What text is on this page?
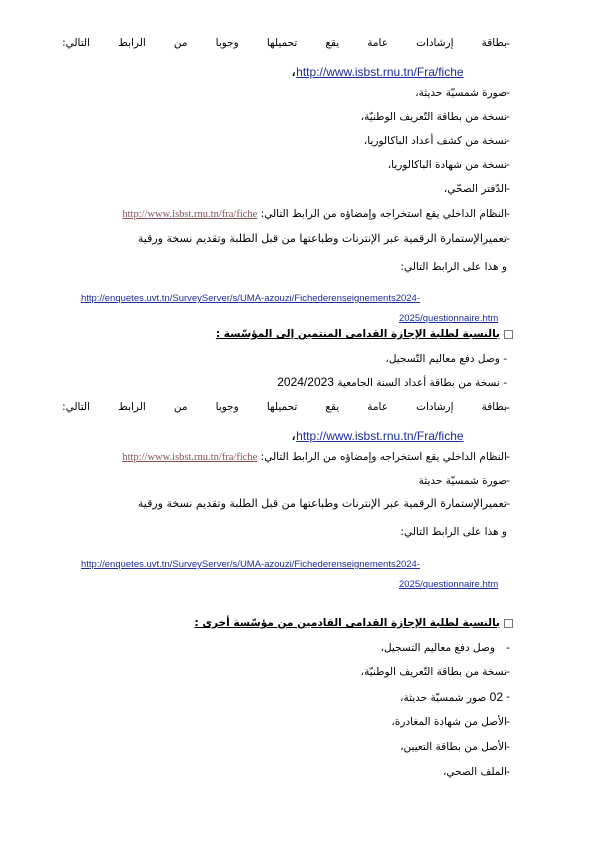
-
بطاقة
إرشادات
عامة
يقع
تحميلها
وجوبا
من
الرابط
التالي:
،http://www.isbst.rnu.tn/Fra/fiche
-
صورة شمسيّة حديثة،
-
نسخة من بطاقة التّعريف الوطنيّة،
-
نسخة من كشف أعداد الباكالوريا،
-
نسخة من شهادة الباكالوريا،
-
الدّفتر الصحّي،
-
النظام الداخلي يقع استخراجه وإمضاؤه من الرابط التالي: http://www.isbst.rnu.tn/fra/fiche
-
تعميرالإستمارة الرقمية عبر الإنترنات وطباعتها من قبل الطلبة وتقديم نسخة ورقية
و هذا على الرابط التالي:
http://enquetes.uvt.tn/SurveyServer/s/UMA-azouzi/Fichederenseignements2024-
2025/questionnaire.htm
بالنسبة لطلبة الإجازة القدامى المنتمين إلى المؤسّسة :
- وصل دفع معاليم التّسجيل،
- نسخة من بطاقة أعداد السنة الجامعية 2024/2023
-
بطاقة
إرشادات
عامة
يقع
تحميلها
وجوبا
من
الرابط
التالي:
،http://www.isbst.rnu.tn/Fra/fiche
-
النظام الداخلي يقع استخراجه وإمضاؤه من الرابط التالي: http://www.isbst.rnu.tn/fra/fiche
-
صورة شمسيّة حديثة
-
تعميرالإستمارة الرقمية عبر الإنترنات وطباعتها من قبل الطلبة وتقديم نسخة ورقية
و هذا على الرابط التالي:
http://enquetes.uvt.tn/SurveyServer/s/UMA-azouzi/Fichederenseignements2024-
2025/questionnaire.htm
بالنسبة لطلبة الإجازة القدامى القادمين من مؤسّسة أخرى :
-
وصل دفع معاليم التسجيل،
-
نسخة من بطاقة التّعريف الوطنيّة،
-
02 صور شمسيّة حديثة،
-
الأصل من شهادة المغادرة،
-
الأصل من بطاقة التعيين،
-
الملف الصحي،
